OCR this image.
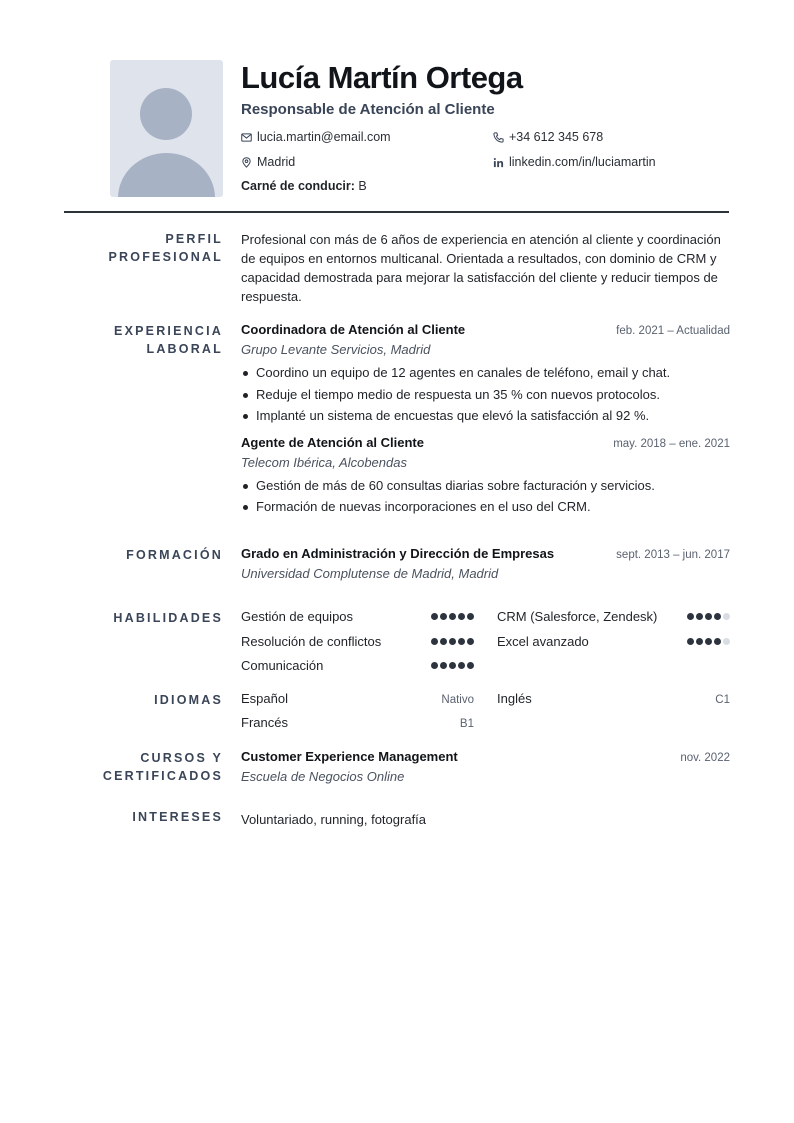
Lucía Martín Ortega
Responsable de Atención al Cliente
lucia.martin@email.com	+34 612 345 678
Madrid	linkedin.com/in/luciamartin
Carné de conducir: B
PERFIL
PROFESIONAL

Profesional con más de 6 años de experiencia en atención al cliente y coordinación de equipos en entornos multicanal. Orientada a resultados, con dominio de CRM y capacidad demostrada para mejorar la satisfacción del cliente y reducir tiempos de respuesta.

EXPERIENCIA
LABORAL
Coordinadora de Atención al Cliente	feb. 2021 – Actualidad
Grupo Levante Servicios, Madrid
Coordino un equipo de 12 agentes en canales de teléfono, email y chat.
Reduje el tiempo medio de respuesta un 35 % con nuevos protocolos.
Implanté un sistema de encuestas que elevó la satisfacción al 92 %.
Agente de Atención al Cliente	may. 2018 – ene. 2021
Telecom Ibérica, Alcobendas
Gestión de más de 60 consultas diarias sobre facturación y servicios.
Formación de nuevas incorporaciones en el uso del CRM.
FORMACIÓN Grado en Administración y Dirección de Empresas	sept. 2013 – jun. 2017
Universidad Complutense de Madrid, Madrid
HABILIDADES Gestión de equipos	CRM (Salesforce, Zendesk)
Resolución de conflictos	Excel avanzado
Comunicación
IDIOMAS Español	Nativo Inglés	C1
Francés	B1
CURSOS Y
CERTIFICADOS
Customer Experience Management	nov. 2022
Escuela de Negocios Online
INTERESES Voluntariado, running, fotografía
